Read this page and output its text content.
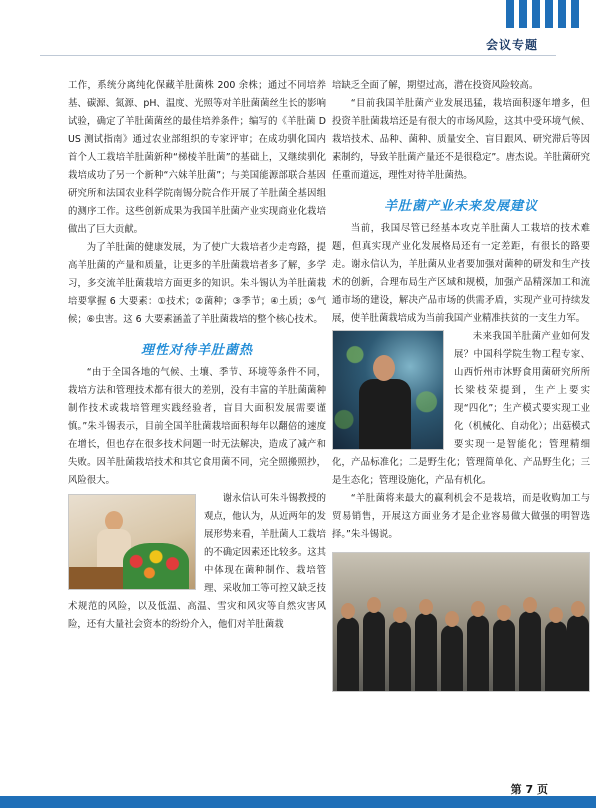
会议专题

工作，系统分离纯化保藏羊肚菌株 200 余株；通过不同培养基、碳源、氮源、pH、温度、光照等对羊肚菌菌丝生长的影响试验，确定了羊肚菌菌丝的最佳培养条件；编写的《羊肚菌 DUS 测试指南》通过农业部组织的专家评审；在成功驯化国内首个人工栽培羊肚菌新种“梯棱羊肚菌”的基础上，又继续驯化栽培成功了另一个新种“六妹羊肚菌”；与美国能源部联合基因研究所和法国农业科学院南锡分院合作开展了羊肚菌全基因组的测序工作。这些创新成果为我国羊肚菌产业实现商业化栽培做出了巨大贡献。

为了羊肚菌的健康发展，为了使广大栽培者少走弯路，提高羊肚菌的产量和质量，让更多的羊肚菌栽培者多了解，多学习，多交流羊肚菌栽培方面更多的知识。朱斗锡认为羊肚菌栽培要掌握 6 大要素：①技术；②菌种；③季节；④土质；⑤气候；⑥虫害。这 6 大要素涵盖了羊肚菌栽培的整个核心技术。

理性对待羊肚菌热

“由于全国各地的气候、土壤、季节、环境等条件不同，栽培方法和管理技术都有很大的差别，没有丰富的羊肚菌菌种制作技术或栽培管理实践经验者，盲目大面积发展需要谨慎。”朱斗锡表示，目前全国羊肚菌栽培面积每年以翻倍的速度在增长，但也存在很多技术问题一时无法解决，造成了减产和失败。因羊肚菌栽培技术和其它食用菌不同，完全照搬照抄，风险很大。

谢永信认可朱斗锡教授的观点，他认为，从近两年的发展形势来看，羊肚菌人工栽培的不确定因素还比较多。这其中体现在菌种制作、栽培管理、采收加工等可控又缺乏技术规范的风险，以及低温、高温、雪灾和风灾等自然灾害风险，还有大量社会资本的纷纷介入，他们对羊肚菌栽

培缺乏全面了解，期望过高，潜在投资风险较高。

“目前我国羊肚菌产业发展迅猛，栽培面积逐年增多，但投资羊肚菌栽培还是有很大的市场风险，这其中受环境气候、栽培技术、品种、菌种、质量安全、盲目跟风、研究滞后等因素制约，导致羊肚菌产量还不是很稳定”。唐杰说。羊肚菌研究任重而道远，理性对待羊肚菌热。

羊肚菌产业未来发展建议

当前，我国尽管已经基本攻克羊肚菌人工栽培的技术难题，但真实现产业化发展格局还有一定差距，有很长的路要走。谢永信认为，羊肚菌从业者要加强对菌种的研发和生产技术的创新，合理布局生产区域和规模，加强产品精深加工和流通市场的建设，解决产品市场的供需矛盾，实现产业可持续发展，使羊肚菌栽培成为当前我国产业精准扶贫的一支生力军。

未来我国羊肚菌产业如何发展？中国科学院生物工程专家、山西忻州市沐野食用菌研究所所长梁枝荣提到，生产上要实现“四化”；生产模式要实现工业化（机械化、自动化）；出菇模式要实现一是智能化；管理精细化，产品标准化；二是野生化；管理简单化、产品野生化；三是生态化；管理设施化，产品有机化。

“羊肚菌将来最大的赢利机会不是栽培，而是收购加工与贸易销售，开展这方面业务才是企业容易做大做强的明智选择。”朱斗锡说。

第 7 页
